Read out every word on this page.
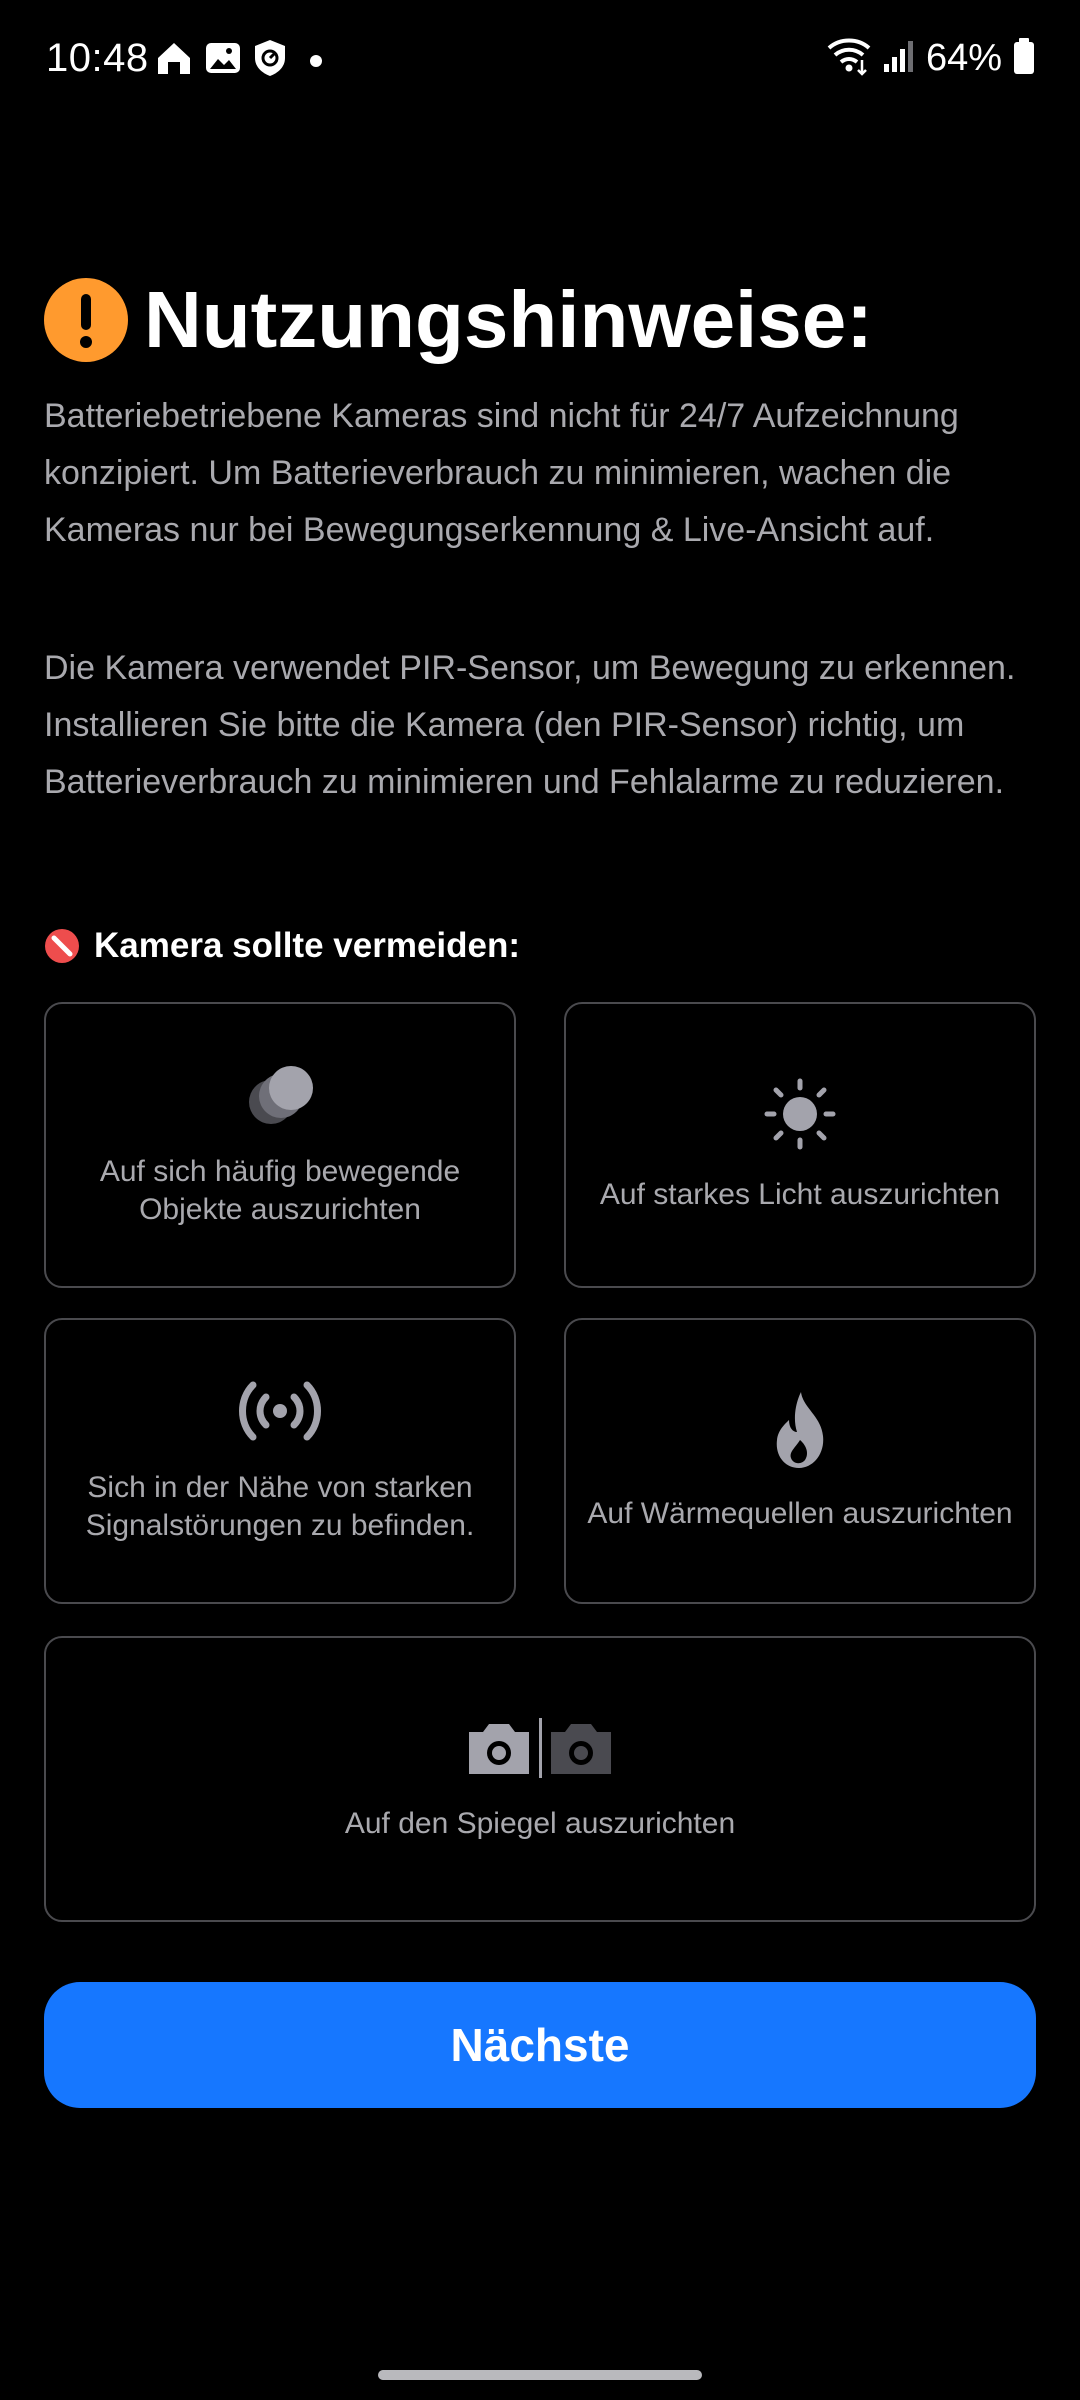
10:48	64%
Nutzungshinweise:

Batteriebetriebene Kameras sind nicht für 24/7 Aufzeichnung konzipiert. Um Batterieverbrauch zu minimieren, wachen die Kameras nur bei Bewegungserkennung & Live-Ansicht auf.

Die Kamera verwendet PIR-Sensor, um Bewegung zu erkennen. Installieren Sie bitte die Kamera (den PIR-Sensor) richtig, um Batterieverbrauch zu minimieren und Fehlalarme zu reduzieren.

Kamera sollte vermeiden:
Auf sich häufig bewegende Objekte auszurichten	Auf starkes Licht auszurichten
Sich in der Nähe von starken Signalstörungen zu befinden.	Auf Wärmequellen auszurichten
Auf den Spiegel auszurichten
Nächste
